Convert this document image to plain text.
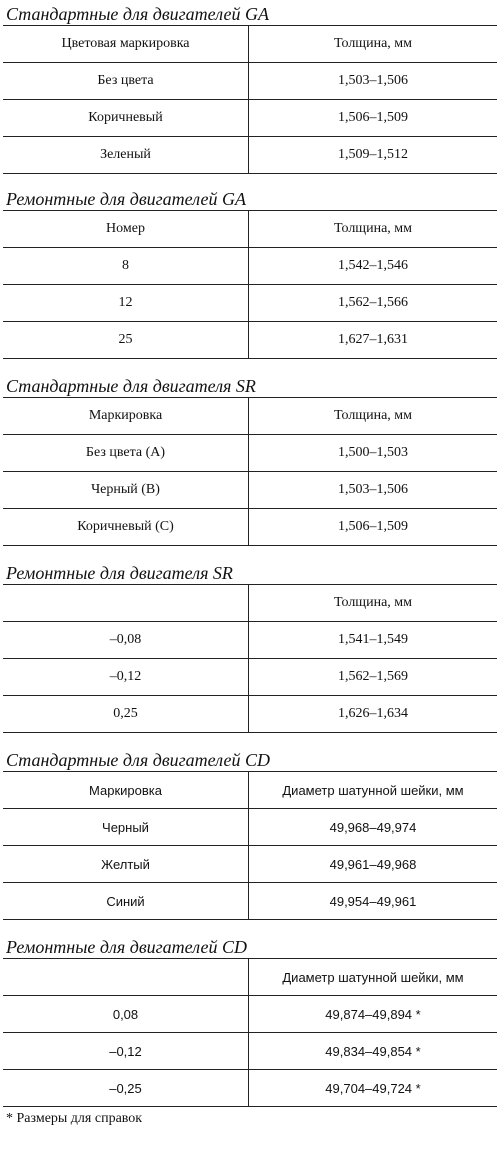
Стандартные для двигателей GA
Цветовая маркировка	Толщина, мм
Без цвета	1,503–1,506
Коричневый	1,506–1,509
Зеленый	1,509–1,512
Ремонтные для двигателей GA
Номер	Толщина, мм
8	1,542–1,546
12	1,562–1,566
25	1,627–1,631
Стандартные для двигателя SR
Маркировка	Толщина, мм
Без цвета (А)	1,500–1,503
Черный (В)	1,503–1,506
Коричневый (С)	1,506–1,509
Ремонтные для двигателя SR
	Толщина, мм
–0,08	1,541–1,549
–0,12	1,562–1,569
0,25	1,626–1,634
Стандартные для двигателей CD
Маркировка	Диаметр шатунной шейки, мм
Черный	49,968–49,974
Желтый	49,961–49,968
Синий	49,954–49,961
Ремонтные для двигателей CD
	Диаметр шатунной шейки, мм
0,08	49,874–49,894 *
–0,12	49,834–49,854 *
–0,25	49,704–49,724 *
* Размеры для справок
